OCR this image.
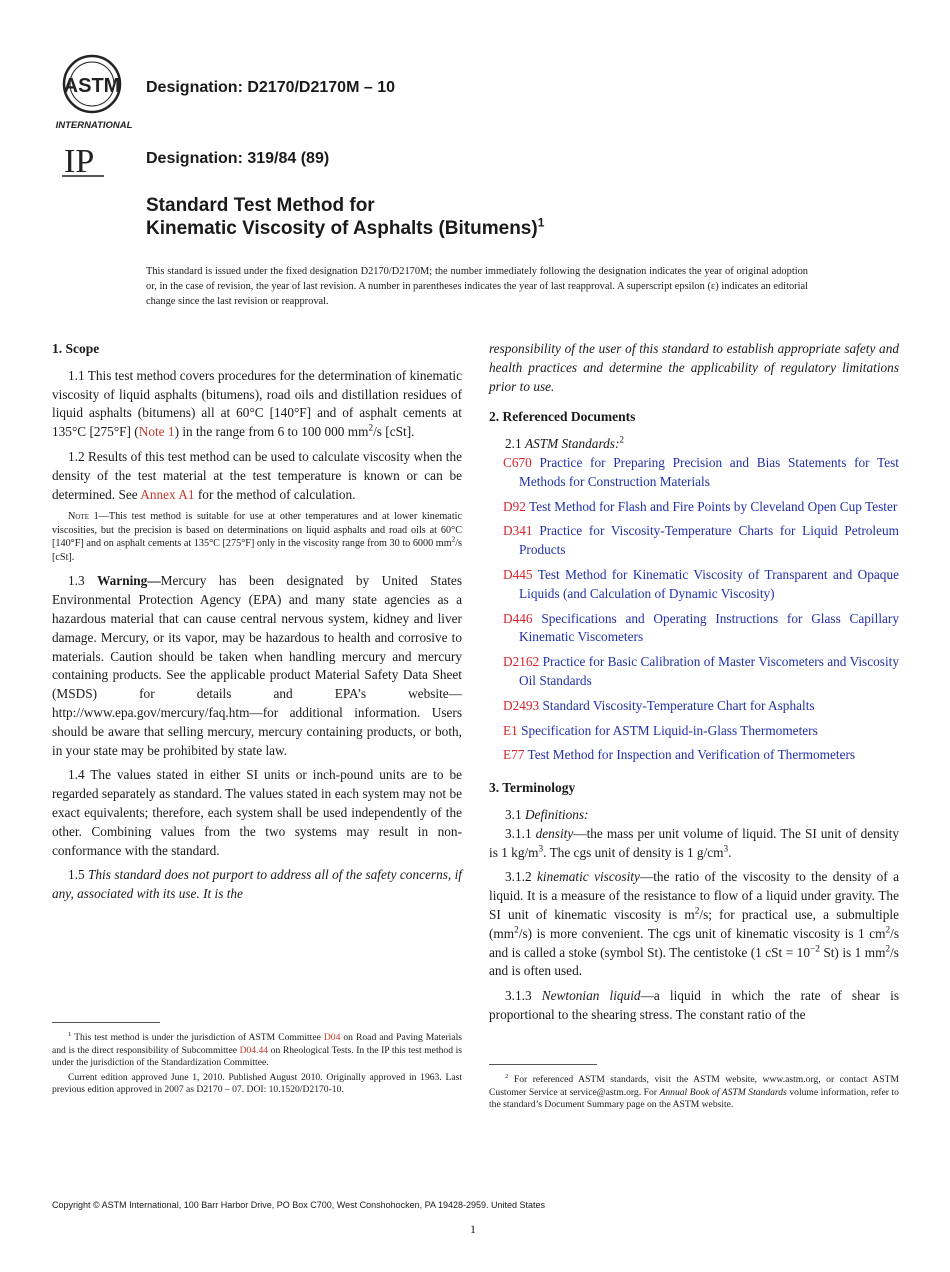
ASTM
INTERNATIONAL
Designation: D2170/D2170M – 10
IP	Designation: 319/84 (89)
Standard Test Method for
Kinematic Viscosity of Asphalts (Bitumens)$^1$
This standard is issued under the fixed designation D2170/D2170M; the number immediately following the designation indicates the year of original adoption or, in the case of revision, the year of last revision. A number in parentheses indicates the year of last reapproval. A superscript epsilon (ε) indicates an editorial change since the last revision or reapproval.
1. Scope

1.1 This test method covers procedures for the determination of kinematic viscosity of liquid asphalts (bitumens), road oils and distillation residues of liquid asphalts (bitumens) all at 60°C [140°F] and of asphalt cements at 135°C [275°F] (Note 1) in the range from 6 to 100 000 $mm^2/s$ [cSt].

1.2 Results of this test method can be used to calculate viscosity when the density of the test material at the test temperature is known or can be determined. See Annex A1 for the method of calculation.

Note 1—This test method is suitable for use at other temperatures and at lower kinematic viscosities, but the precision is based on determinations on liquid asphalts and road oils at 60°C [140°F] and on asphalt cements at 135°C [275°F] only in the viscosity range from 30 to 6000 $mm^2/s$ [cSt].

1.3 Warning—Mercury has been designated by United States Environmental Protection Agency (EPA) and many state agencies as a hazardous material that can cause central nervous system, kidney and liver damage. Mercury, or its vapor, may be hazardous to health and corrosive to materials. Caution should be taken when handling mercury and mercury containing products. See the applicable product Material Safety Data Sheet (MSDS) for details and EPA’s website—http://www.epa.gov/mercury/faq.htm—for additional information. Users should be aware that selling mercury, mercury containing products, or both, in your state may be prohibited by state law.

1.4 The values stated in either SI units or inch-pound units are to be regarded separately as standard. The values stated in each system may not be exact equivalents; therefore, each system shall be used independently of the other. Combining values from the two systems may result in non-conformance with the standard.

1.5 This standard does not purport to address all of the safety concerns, if any, associated with its use. It is the

$^1$ This test method is under the jurisdiction of ASTM Committee D04 on Road and Paving Materials and is the direct responsibility of Subcommittee D04.44 on Rheological Tests. In the IP this test method is under the jurisdiction of the Standardization Committee.

Current edition approved June 1, 2010. Published August 2010. Originally approved in 1963. Last previous edition approved in 2007 as D2170 – 07. DOI: 10.1520/D2170-10.

responsibility of the user of this standard to establish appropriate safety and health practices and determine the applicability of regulatory limitations prior to use.

2. Referenced Documents

2.1 ASTM Standards:$^2$

C670 Practice for Preparing Precision and Bias Statements for Test Methods for Construction Materials

D92 Test Method for Flash and Fire Points by Cleveland Open Cup Tester

D341 Practice for Viscosity-Temperature Charts for Liquid Petroleum Products

D445 Test Method for Kinematic Viscosity of Transparent and Opaque Liquids (and Calculation of Dynamic Viscosity)

D446 Specifications and Operating Instructions for Glass Capillary Kinematic Viscometers

D2162 Practice for Basic Calibration of Master Viscometers and Viscosity Oil Standards

D2493 Standard Viscosity-Temperature Chart for Asphalts

E1 Specification for ASTM Liquid-in-Glass Thermometers

E77 Test Method for Inspection and Verification of Thermometers

3. Terminology

3.1 Definitions:

3.1.1 density—the mass per unit volume of liquid. The SI unit of density is 1 $kg/m^3$. The cgs unit of density is 1 $g/cm^3$.

3.1.2 kinematic viscosity—the ratio of the viscosity to the density of a liquid. It is a measure of the resistance to flow of a liquid under gravity. The SI unit of kinematic viscosity is $m^2/s$; for practical use, a submultiple $(mm^2/s)$ is more convenient. The cgs unit of kinematic viscosity is 1 $cm^2/s$ and is called a stoke (symbol St). The centistoke (1 cSt = $10^{-2}$ St) is 1 $mm^2/s$ and is often used.

3.1.3 Newtonian liquid—a liquid in which the rate of shear is proportional to the shearing stress. The constant ratio of the

$^2$ For referenced ASTM standards, visit the ASTM website, www.astm.org, or contact ASTM Customer Service at service@astm.org. For Annual Book of ASTM Standards volume information, refer to the standard’s Document Summary page on the ASTM website.

Copyright © ASTM International, 100 Barr Harbor Drive, PO Box C700, West Conshohocken, PA 19428-2959. United States
1
